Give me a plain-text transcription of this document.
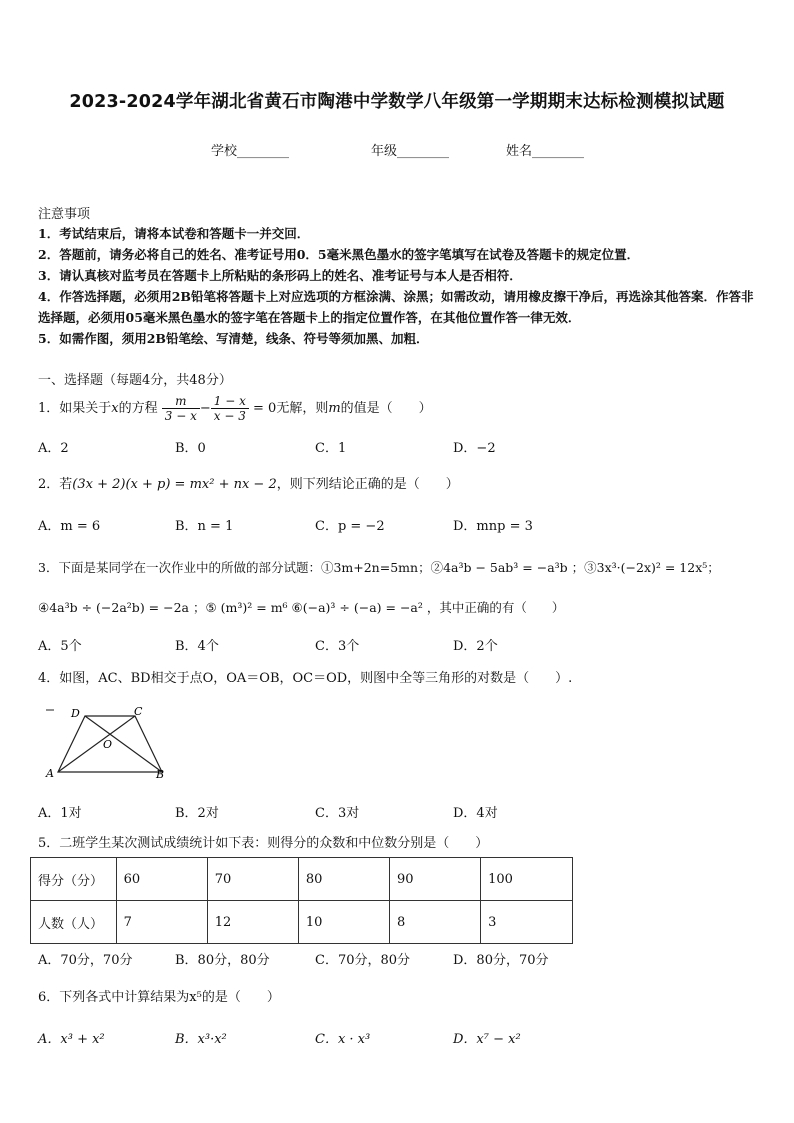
2023-2024学年湖北省黄石市陶港中学数学八年级第一学期期末达标检测模拟试题
学校________	年级________	姓名________
注意事项
1．考试结束后，请将本试卷和答题卡一并交回．
2．答题前，请务必将自己的姓名、准考证号用0．5毫米黑色墨水的签字笔填写在试卷及答题卡的规定位置．
3．请认真核对监考员在答题卡上所粘贴的条形码上的姓名、准考证号与本人是否相符．
4．作答选择题，必须用2B铅笔将答题卡上对应选项的方框涂满、涂黑；如需改动，请用橡皮擦干净后，再选涂其他答案．作答非选择题，必须用05毫米黑色墨水的签字笔在答题卡上的指定位置作答，在其他位置作答一律无效．
5．如需作图，须用2B铅笔绘、写清楚，线条、符号等须加黑、加粗．
一、选择题（每题4分，共48分）
1．如果关于x的方程 $\frac{m}{3 - x} - \frac{1 - x}{x - 3} = 0$无解，则m的值是（　　）
A．2	B．0	C．1	D．−2
2．若(3x + 2)(x + p) = mx² + nx − 2，则下列结论正确的是（　　）
A．m = 6	B．n = 1	C．p = −2	D．mnp = 3
3．下面是某同学在一次作业中的所做的部分试题：①3m+2n=5mn；②4a³b − 5ab³ = −a³b ；③3x³·(−2x)² = 12x⁵；
④4a³b ÷ (−2a²b) = −2a ；⑤ (m³)² = m⁶ ⑥(−a)³ ÷ (−a) = −a² ，其中正确的有（　　）
A．5个	B．4个	C．3个	D．2个
4．如图，AC、BD相交于点O，OA＝OB，OC＝OD，则图中全等三角形的对数是（　　）.
D	C
O
A	B
A．1对	B．2对	C．3对	D．4对
5．二班学生某次测试成绩统计如下表：则得分的众数和中位数分别是（　　）
得分（分）	60	70	80	90	100
人数（人）	7	12	10	8	3
A．70分，70分	B．80分，80分	C．70分，80分	D．80分，70分
6．下列各式中计算结果为x⁵的是（　　）
A．x³ + x²	B．x³·x²	C．x · x³	D．x⁷ − x²
